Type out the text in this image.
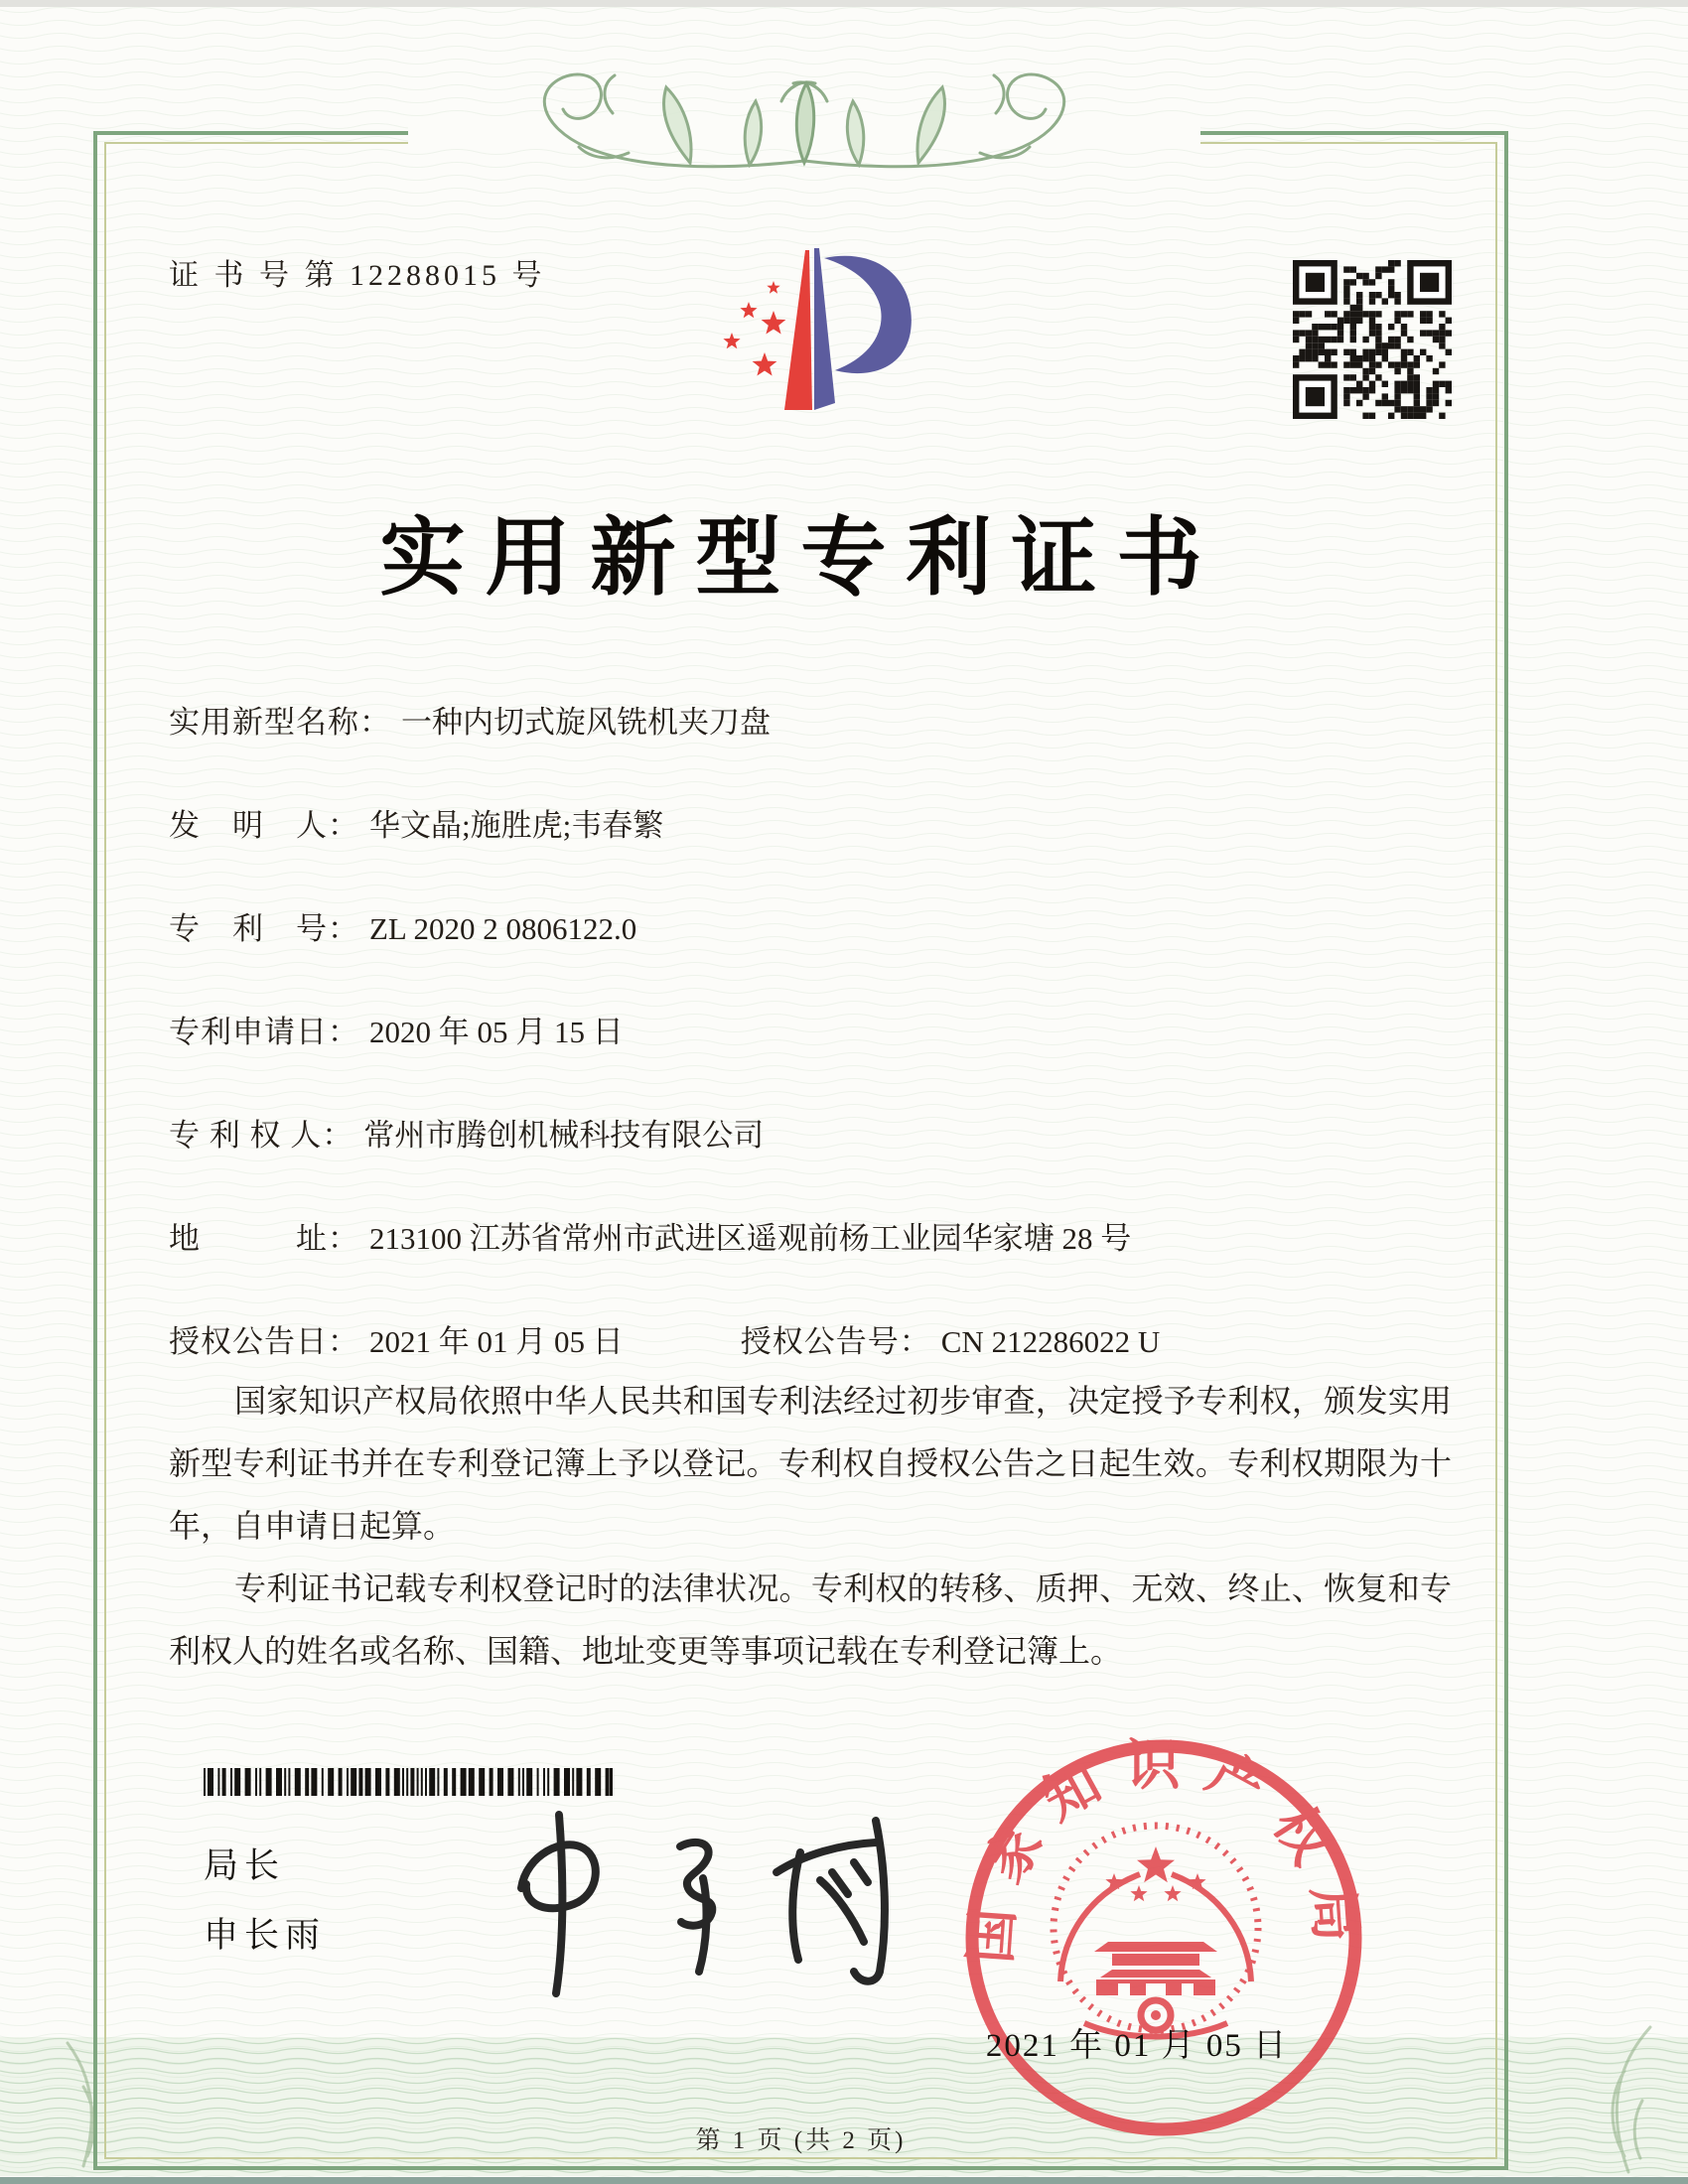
证 书 号 第 12288015 号
实用新型专利证书
实用新型名称： 一种内切式旋风铣机夹刀盘
发　明　人： 华文晶;施胜虎;韦春繁
专　利　号： ZL 2020 2 0806122.0
专利申请日： 2020 年 05 月 15 日
专 利 权 人： 常州市腾创机械科技有限公司
地　　　址： 213100 江苏省常州市武进区遥观前杨工业园华家塘 28 号
授权公告日： 2021 年 01 月 05 日	授权公告号： CN 212286022 U

国家知识产权局依照中华人民共和国专利法经过初步审查，决定授予专利权，颁发实用新型专利证书并在专利登记簿上予以登记。专利权自授权公告之日起生效。专利权期限为十年，自申请日起算。

专利证书记载专利权登记时的法律状况。专利权的转移、质押、无效、终止、恢复和专利权人的姓名或名称、国籍、地址变更等事项记载在专利登记簿上。

局长
申长雨	国家知识产权局
2021 年 01 月 05 日
第 1 页 (共 2 页)
